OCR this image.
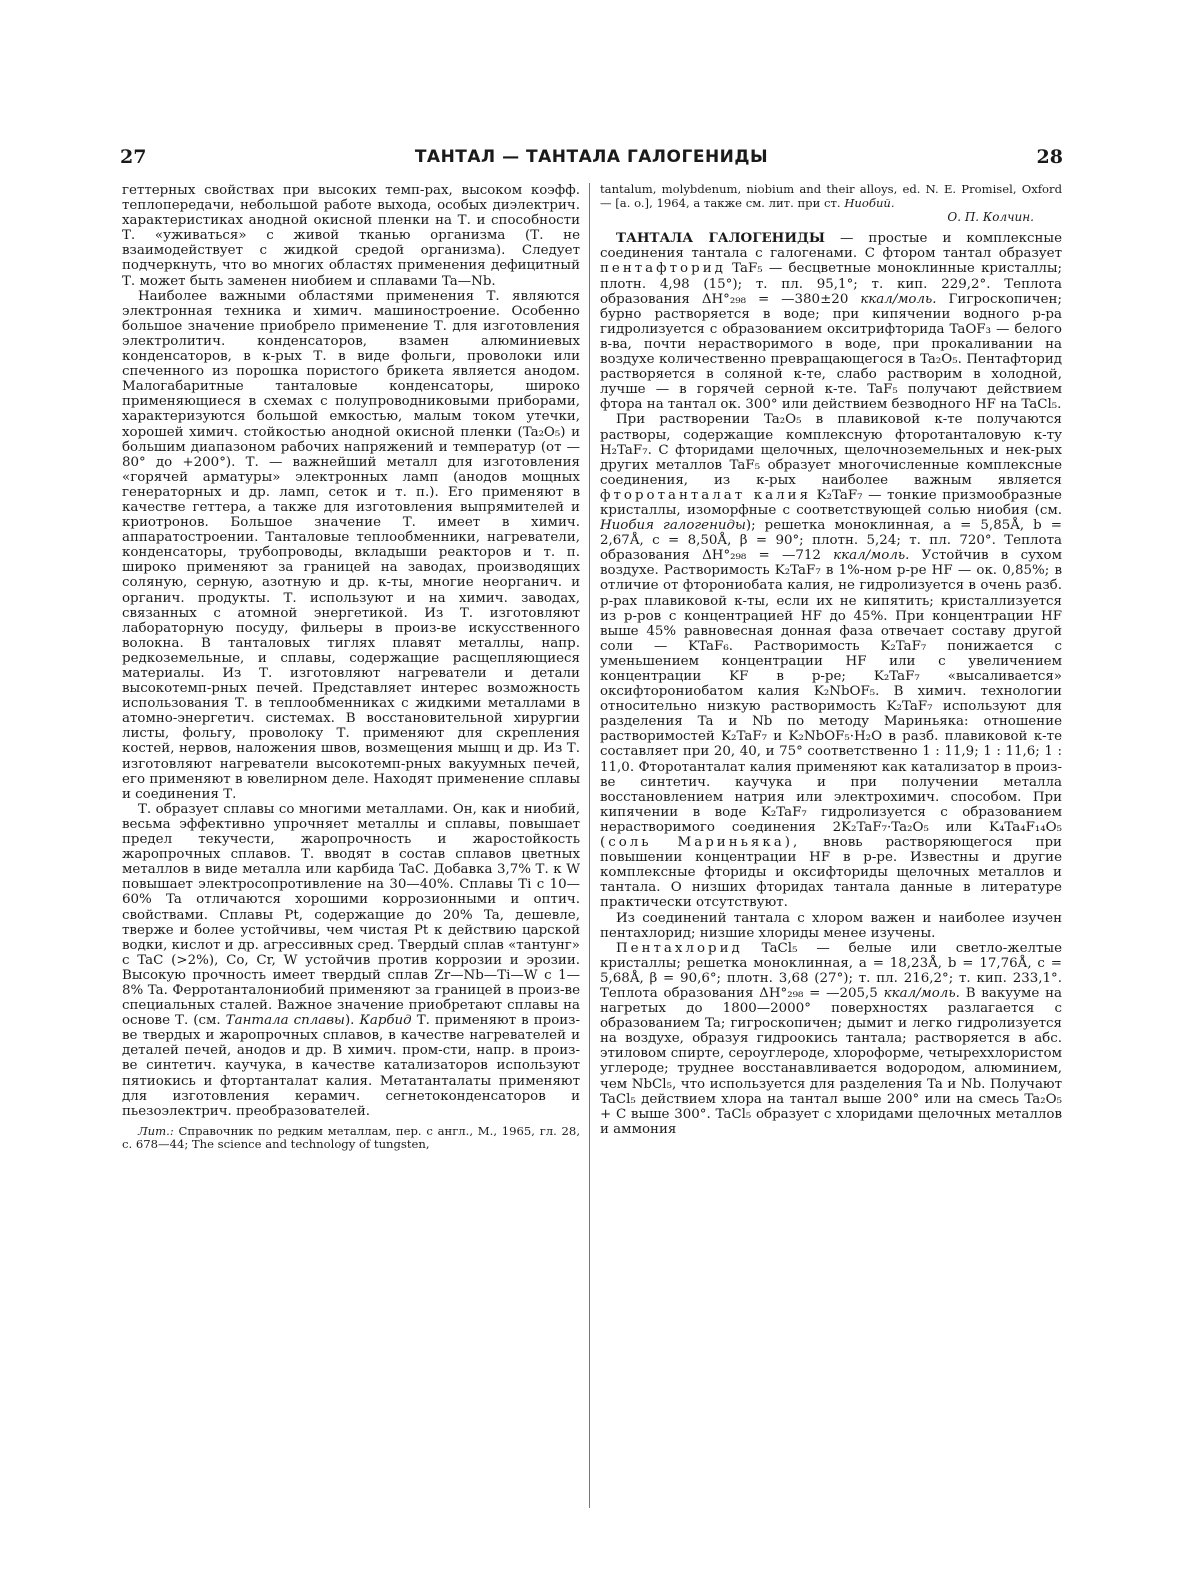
27	ТАНТАЛ — ТАНТАЛА ГАЛОГЕНИДЫ	28

геттерных свойствах при высоких темп-рах, высоком коэфф. теплопередачи, небольшой работе выхода, особых диэлектрич. характеристиках анодной окисной пленки на Т. и способности Т. «уживаться» с живой тканью организма (Т. не взаимодействует с жидкой средой организма). Следует подчеркнуть, что во многих областях применения дефицитный Т. может быть заменен ниобием и сплавами Ta—Nb.

Наиболее важными областями применения Т. являются электронная техника и химич. машиностроение. Особенно большое значение приобрело применение Т. для изготовления электролитич. конденсаторов, взамен алюминиевых конденсаторов, в к-рых Т. в виде фольги, проволоки или спеченного из порошка пористого брикета является анодом. Малогабаритные танталовые конденсаторы, широко применяющиеся в схемах с полупроводниковыми приборами, характеризуются большой емкостью, малым током утечки, хорошей химич. стойкостью анодной окисной пленки (Ta₂O₅) и большим диапазоном рабочих напряжений и температур (от —80° до +200°). Т. — важнейший металл для изготовления «горячей арматуры» электронных ламп (анодов мощных генераторных и др. ламп, сеток и т. п.). Его применяют в качестве геттера, а также для изготовления выпрямителей и криотронов. Большое значение Т. имеет в химич. аппаратостроении. Танталовые теплообменники, нагреватели, конденсаторы, трубопроводы, вкладыши реакторов и т. п. широко применяют за границей на заводах, производящих соляную, серную, азотную и др. к-ты, многие неорганич. и органич. продукты. Т. используют и на химич. заводах, связанных с атомной энергетикой. Из Т. изготовляют лабораторную посуду, фильеры в произ-ве искусственного волокна. В танталовых тиглях плавят металлы, напр. редкоземельные, и сплавы, содержащие расщепляющиеся материалы. Из Т. изготовляют нагреватели и детали высокотемп-рных печей. Представляет интерес возможность использования Т. в теплообменниках с жидкими металлами в атомно-энергетич. системах. В восстановительной хирургии листы, фольгу, проволоку Т. применяют для скрепления костей, нервов, наложения швов, возмещения мышц и др. Из Т. изготовляют нагреватели высокотемп-рных вакуумных печей, его применяют в ювелирном деле. Находят применение сплавы и соединения Т.

Т. образует сплавы со многими металлами. Он, как и ниобий, весьма эффективно упрочняет металлы и сплавы, повышает предел текучести, жаропрочность и жаростойкость жаропрочных сплавов. Т. вводят в состав сплавов цветных металлов в виде металла или карбида TaC. Добавка 3,7% Т. к W повышает электросопротивление на 30—40%. Сплавы Ti с 10—60% Ta отличаются хорошими коррозионными и оптич. свойствами. Сплавы Pt, содержащие до 20% Ta, дешевле, тверже и более устойчивы, чем чистая Pt к действию царской водки, кислот и др. агрессивных сред. Твердый сплав «тантунг» с TaC (>2%), Co, Cr, W устойчив против коррозии и эрозии. Высокую прочность имеет твердый сплав Zr—Nb—Ti—W с 1—8% Ta. Ферротанталониобий применяют за границей в произ-ве специальных сталей. Важное значение приобретают сплавы на основе Т. (см. Тантала сплавы). Карбид Т. применяют в произ-ве твердых и жаропрочных сплавов, в качестве нагревателей и деталей печей, анодов и др. В химич. пром-сти, напр. в произ-ве синтетич. каучука, в качестве катализаторов используют пятиокись и фтортанталат калия. Метатанталаты применяют для изготовления керамич. сегнетоконденсаторов и пьезоэлектрич. преобразователей.

Лит.: Справочник по редким металлам, пер. с англ., М., 1965, гл. 28, с. 678—44; The science and technology of tungsten,

tantalum, molybdenum, niobium and their alloys, ed. N. E. Promisel, Oxford — [a. o.], 1964, а также см. лит. при ст. Ниобий.

О. П. Колчин.

ТАНТАЛА ГАЛОГЕНИДЫ — простые и комплексные соединения тантала с галогенами. С фтором тантал образует пентафторид TaF₅ — бесцветные моноклинные кристаллы; плотн. 4,98 (15°); т. пл. 95,1°; т. кип. 229,2°. Теплота образования ΔH°₂₉₈ = —380±20 ккал/моль. Гигроскопичен; бурно растворяется в воде; при кипячении водного р-ра гидролизуется с образованием окситрифторида TaOF₃ — белого в-ва, почти нерастворимого в воде, при прокаливании на воздухе количественно превращающегося в Ta₂O₅. Пентафторид растворяется в соляной к-те, слабо растворим в холодной, лучше — в горячей серной к-те. TaF₅ получают действием фтора на тантал ок. 300° или действием безводного HF на TaCl₅.

При растворении Ta₂O₅ в плавиковой к-те получаются растворы, содержащие комплексную фторотанталовую к-ту H₂TaF₇. С фторидами щелочных, щелочноземельных и нек-рых других металлов TaF₅ образует многочисленные комплексные соединения, из к-рых наиболее важным является фторотанталат калия K₂TaF₇ — тонкие призмообразные кристаллы, изоморфные с соответствующей солью ниобия (см. Ниобия галогениды); решетка моноклинная, a = 5,85Å, b = 2,67Å, c = 8,50Å, β = 90°; плотн. 5,24; т. пл. 720°. Теплота образования ΔH°₂₉₈ = —712 ккал/моль. Устойчив в сухом воздухе. Растворимость K₂TaF₇ в 1%-ном р-ре HF — ок. 0,85%; в отличие от фторониобата калия, не гидролизуется в очень разб. р-рах плавиковой к-ты, если их не кипятить; кристаллизуется из р-ров с концентрацией HF до 45%. При концентрации HF выше 45% равновесная донная фаза отвечает составу другой соли — KTaF₆. Растворимость K₂TaF₇ понижается с уменьшением концентрации HF или с увеличением концентрации KF в р-ре; K₂TaF₇ «высаливается» оксифторониобатом калия K₂NbOF₅. В химич. технологии относительно низкую растворимость K₂TaF₇ используют для разделения Ta и Nb по методу Мариньяка: отношение растворимостей K₂TaF₇ и K₂NbOF₅·H₂O в разб. плавиковой к-те составляет при 20, 40, и 75° соответственно 1 : 11,9; 1 : 11,6; 1 : 11,0. Фторотанталат калия применяют как катализатор в произ-ве синтетич. каучука и при получении металла восстановлением натрия или электрохимич. способом. При кипячении в воде K₂TaF₇ гидролизуется с образованием нерастворимого соединения 2K₂TaF₇·Ta₂O₅ или K₄Ta₄F₁₄O₅ (соль Мариньяка), вновь растворяющегося при повышении концентрации HF в р-ре. Известны и другие комплексные фториды и оксифториды щелочных металлов и тантала. О низших фторидах тантала данные в литературе практически отсутствуют.

Из соединений тантала с хлором важен и наиболее изучен пентахлорид; низшие хлориды менее изучены.

Пентахлорид TaCl₅ — белые или светло-желтые кристаллы; решетка моноклинная, a = 18,23Å, b = 17,76Å, c = 5,68Å, β = 90,6°; плотн. 3,68 (27°); т. пл. 216,2°; т. кип. 233,1°. Теплота образования ΔH°₂₉₈ = —205,5 ккал/моль. В вакууме на нагретых до 1800—2000° поверхностях разлагается с образованием Ta; гигроскопичен; дымит и легко гидролизуется на воздухе, образуя гидроокись тантала; растворяется в абс. этиловом спирте, сероуглероде, хлороформе, четыреххлористом углероде; труднее восстанавливается водородом, алюминием, чем NbCl₅, что используется для разделения Ta и Nb. Получают TaCl₅ действием хлора на тантал выше 200° или на смесь Ta₂O₅ + C выше 300°. TaCl₅ образует с хлоридами щелочных металлов и аммония
